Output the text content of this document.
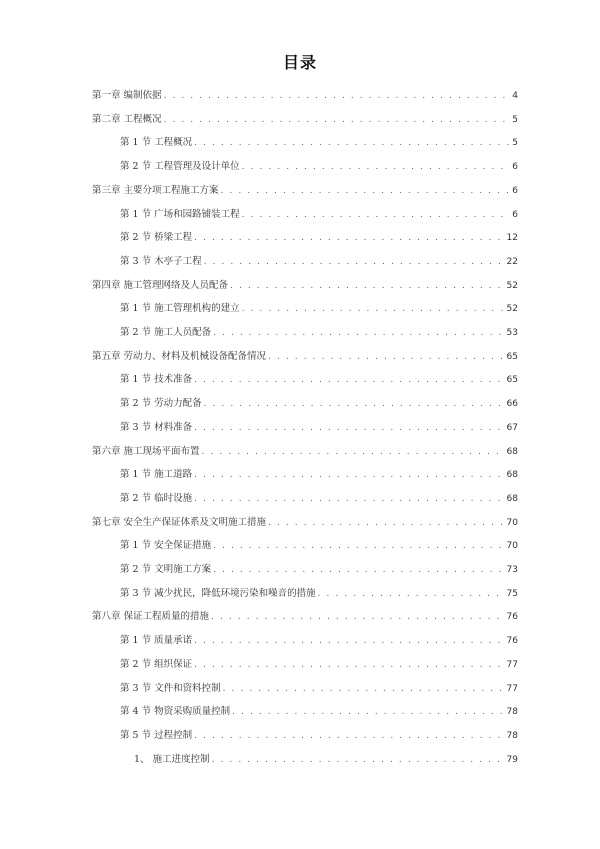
目录
第一章 编制依据 . . .	4
第二章 工程概况 . . .	5
第 1 节 工程概况 . . .	5
第 2 节 工程管理及设计单位 . . .	6
第三章 主要分项工程施工方案 . . .	6
第 1 节 广场和园路铺装工程 . . .	6
第 2 节 桥梁工程 . . .	12
第 3 节 木亭子工程 . . .	22
第四章 施工管理网络及人员配备 . . .	52
第 1 节 施工管理机构的建立 . . .	52
第 2 节 施工人员配备 . . .	53
第五章 劳动力、材料及机械设备配备情况 . . .	65
第 1 节 技术准备 . . .	65
第 2 节 劳动力配备 . . .	66
第 3 节 材料准备 . . .	67
第六章 施工现场平面布置 . . .	68
第 1 节 施工道路 . . .	68
第 2 节 临时设施 . . .	68
第七章 安全生产保证体系及文明施工措施 . . .	70
第 1 节 安全保证措施 . . .	70
第 2 节 文明施工方案 . . .	73
第 3 节 减少扰民，降低环境污染和噪音的措施 . . .	75
第八章 保证工程质量的措施 . . .	76
第 1 节 质量承诺 . . .	76
第 2 节 组织保证 . . .	77
第 3 节 文件和资料控制 . . .	77
第 4 节 物资采购质量控制 . . .	78
第 5 节 过程控制 . . .	78
1、 施工进度控制 . . .	79
